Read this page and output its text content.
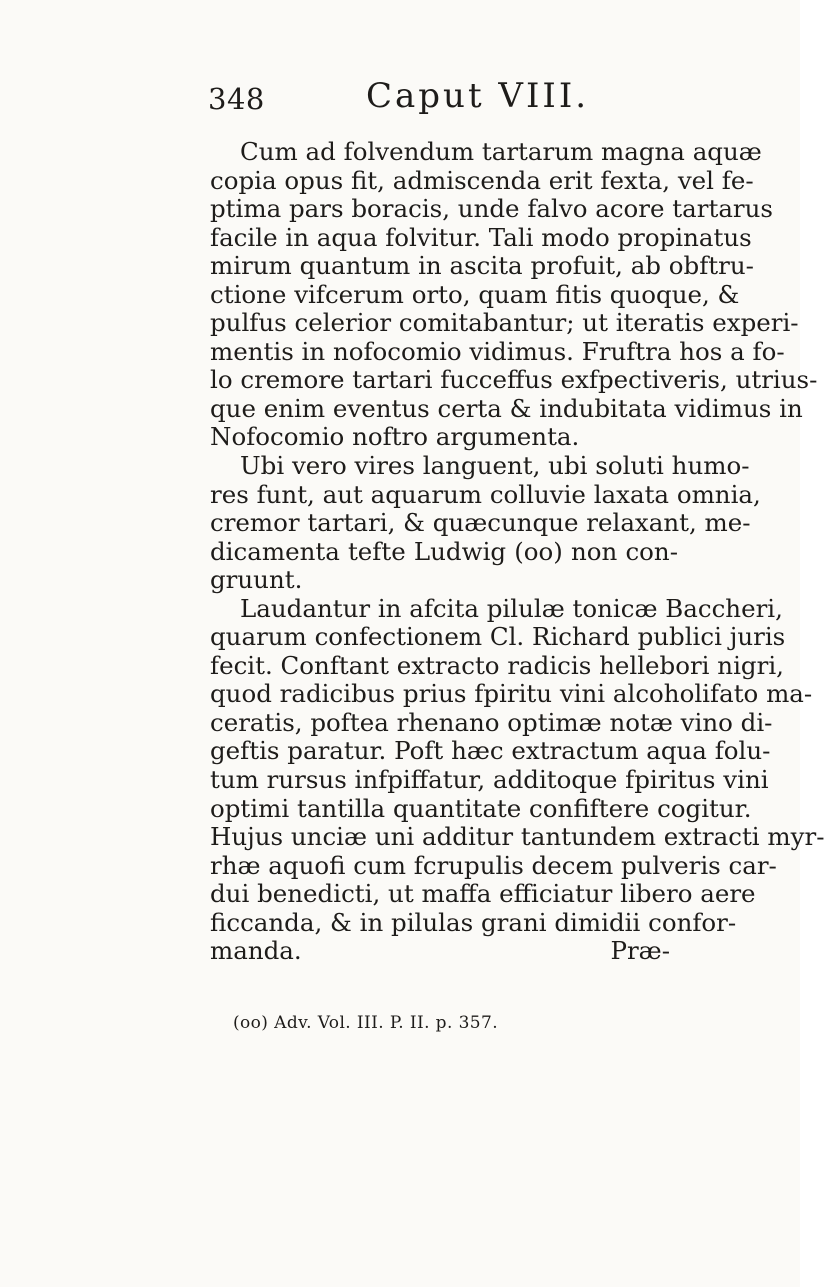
348	Caput VIII.
Cum ad folvendum tartarum magna aquæ
copia opus fit, admiscenda erit fexta, vel fe-
ptima pars boracis, unde falvo acore tartarus
facile in aqua folvitur. Tali modo propinatus
mirum quantum in ascita profuit, ab obftru-
ctione vifcerum orto, quam fitis quoque, &
pulfus celerior comitabantur; ut iteratis experi-
mentis in nofocomio vidimus. Fruftra hos a fo-
lo cremore tartari fucceffus exfpectiveris, utrius-
que enim eventus certa & indubitata vidimus in
Nofocomio noftro argumenta.
Ubi vero vires languent, ubi soluti humo-
res funt, aut aquarum colluvie laxata omnia,
cremor tartari, & quæcunque relaxant, me-
dicamenta tefte Ludwig (oo) non con-
gruunt.
Laudantur in afcita pilulæ tonicæ Baccheri,
quarum confectionem Cl. Richard publici juris
fecit. Conftant extracto radicis hellebori nigri,
quod radicibus prius fpiritu vini alcoholifato ma-
ceratis, poftea rhenano optimæ notæ vino di-
geftis paratur. Poft hæc extractum aqua folu-
tum rursus infpiffatur, additoque fpiritus vini
optimi tantilla quantitate confiftere cogitur.
Hujus unciæ uni additur tantundem extracti myr-
rhæ aquofi cum fcrupulis decem pulveris car-
dui benedicti, ut maffa efficiatur libero aere
ficcanda, & in pilulas grani dimidii confor-
manda.	Præ-
(oo) Adv. Vol. III. P. II. p. 357.
